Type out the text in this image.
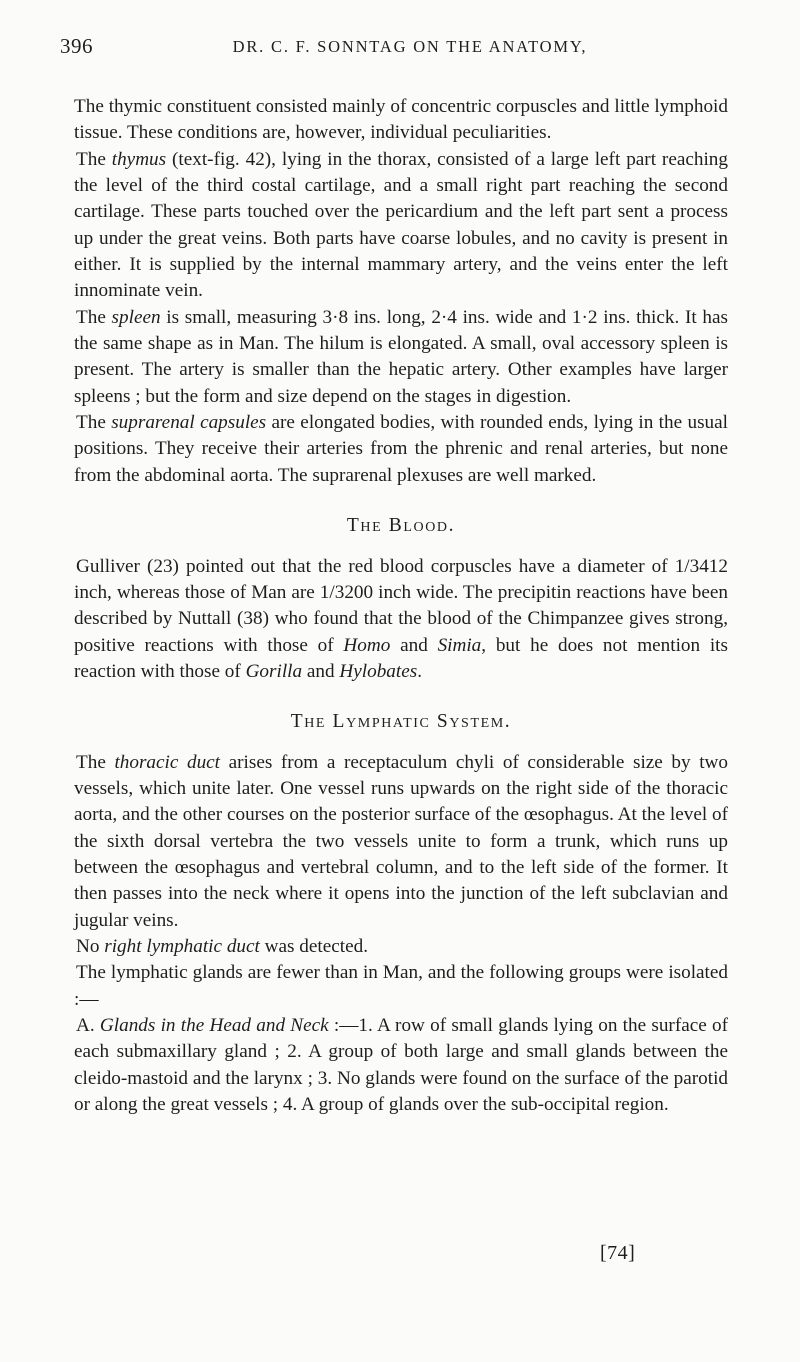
396	DR. C. F. SONNTAG ON THE ANATOMY,

The thymic constituent consisted mainly of concentric corpuscles and little lymphoid tissue. These conditions are, however, individual peculiarities.

The thymus (text-fig. 42), lying in the thorax, consisted of a large left part reaching the level of the third costal cartilage, and a small right part reaching the second cartilage. These parts touched over the pericardium and the left part sent a process up under the great veins. Both parts have coarse lobules, and no cavity is present in either. It is supplied by the internal mammary artery, and the veins enter the left innominate vein.

The spleen is small, measuring 3·8 ins. long, 2·4 ins. wide and 1·2 ins. thick. It has the same shape as in Man. The hilum is elongated. A small, oval accessory spleen is present. The artery is smaller than the hepatic artery. Other examples have larger spleens ; but the form and size depend on the stages in digestion.

The suprarenal capsules are elongated bodies, with rounded ends, lying in the usual positions. They receive their arteries from the phrenic and renal arteries, but none from the abdominal aorta. The suprarenal plexuses are well marked.

The Blood.

Gulliver (23) pointed out that the red blood corpuscles have a diameter of 1/3412 inch, whereas those of Man are 1/3200 inch wide. The precipitin reactions have been described by Nuttall (38) who found that the blood of the Chimpanzee gives strong, positive reactions with those of Homo and Simia, but he does not mention its reaction with those of Gorilla and Hylobates.

The Lymphatic System.

The thoracic duct arises from a receptaculum chyli of considerable size by two vessels, which unite later. One vessel runs upwards on the right side of the thoracic aorta, and the other courses on the posterior surface of the œsophagus. At the level of the sixth dorsal vertebra the two vessels unite to form a trunk, which runs up between the œsophagus and vertebral column, and to the left side of the former. It then passes into the neck where it opens into the junction of the left subclavian and jugular veins.

No right lymphatic duct was detected.

The lymphatic glands are fewer than in Man, and the following groups were isolated :—

A. Glands in the Head and Neck :—1. A row of small glands lying on the surface of each submaxillary gland ; 2. A group of both large and small glands between the cleido-mastoid and the larynx ; 3. No glands were found on the surface of the parotid or along the great vessels ; 4. A group of glands over the sub-occipital region.

[74]
